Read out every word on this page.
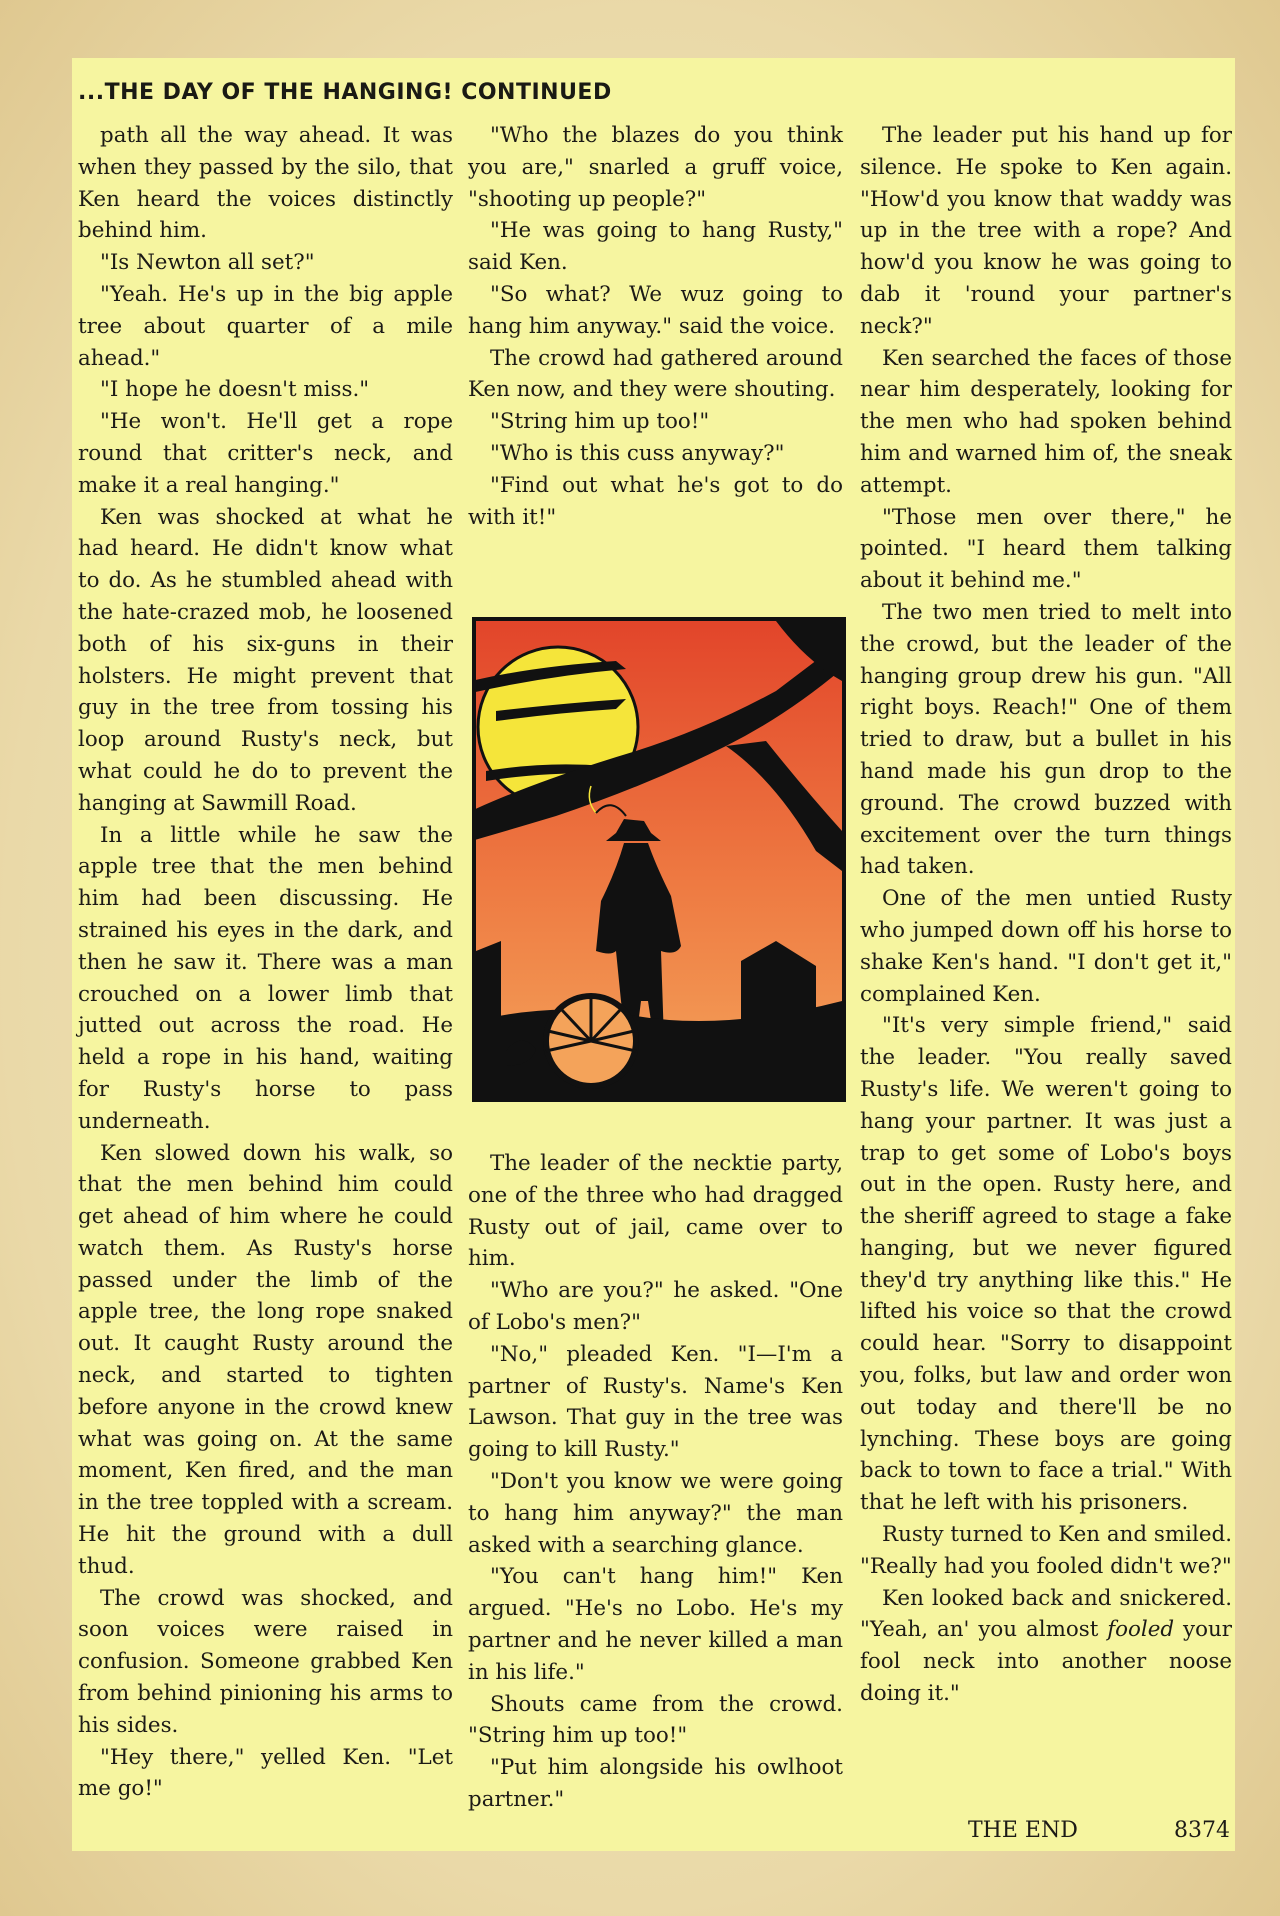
...THE DAY OF THE HANGING! CONTINUED

path all the way ahead. It was when they passed by the silo, that Ken heard the voices distinctly behind him.

"Is Newton all set?"

"Yeah. He's up in the big apple tree about quarter of a mile ahead."

"I hope he doesn't miss."

"He won't. He'll get a rope round that critter's neck, and make it a real hanging."

Ken was shocked at what he had heard. He didn't know what to do. As he stumbled ahead with the hate-crazed mob, he loosened both of his six-guns in their holsters. He might prevent that guy in the tree from tossing his loop around Rusty's neck, but what could he do to prevent the hanging at Sawmill Road.

In a little while he saw the apple tree that the men behind him had been discussing. He strained his eyes in the dark, and then he saw it. There was a man crouched on a lower limb that jutted out across the road. He held a rope in his hand, waiting for Rusty's horse to pass underneath.

Ken slowed down his walk, so that the men behind him could get ahead of him where he could watch them. As Rusty's horse passed under the limb of the apple tree, the long rope snaked out. It caught Rusty around the neck, and started to tighten before anyone in the crowd knew what was going on. At the same moment, Ken fired, and the man in the tree toppled with a scream. He hit the ground with a dull thud.

The crowd was shocked, and soon voices were raised in confusion. Someone grabbed Ken from behind pinioning his arms to his sides.

"Hey there," yelled Ken. "Let me go!"

"Who the blazes do you think you are," snarled a gruff voice, "shooting up people?"

"He was going to hang Rusty," said Ken.

"So what? We wuz going to hang him anyway." said the voice.

The crowd had gathered around Ken now, and they were shouting.

"String him up too!"

"Who is this cuss anyway?"

"Find out what he's got to do with it!"

The leader of the necktie party, one of the three who had dragged Rusty out of jail, came over to him.

"Who are you?" he asked. "One of Lobo's men?"

"No," pleaded Ken. "I—I'm a partner of Rusty's. Name's Ken Lawson. That guy in the tree was going to kill Rusty."

"Don't you know we were going to hang him anyway?" the man asked with a searching glance.

"You can't hang him!" Ken argued. "He's no Lobo. He's my partner and he never killed a man in his life."

Shouts came from the crowd. "String him up too!"

"Put him alongside his owlhoot partner."

The leader put his hand up for silence. He spoke to Ken again. "How'd you know that waddy was up in the tree with a rope? And how'd you know he was going to dab it 'round your partner's neck?"

Ken searched the faces of those near him desperately, looking for the men who had spoken behind him and warned him of, the sneak attempt.

"Those men over there," he pointed. "I heard them talking about it behind me."

The two men tried to melt into the crowd, but the leader of the hanging group drew his gun. "All right boys. Reach!" One of them tried to draw, but a bullet in his hand made his gun drop to the ground. The crowd buzzed with excitement over the turn things had taken.

One of the men untied Rusty who jumped down off his horse to shake Ken's hand. "I don't get it," complained Ken.

"It's very simple friend," said the leader. "You really saved Rusty's life. We weren't going to hang your partner. It was just a trap to get some of Lobo's boys out in the open. Rusty here, and the sheriff agreed to stage a fake hanging, but we never figured they'd try anything like this." He lifted his voice so that the crowd could hear. "Sorry to disappoint you, folks, but law and order won out today and there'll be no lynching. These boys are going back to town to face a trial." With that he left with his prisoners.

Rusty turned to Ken and smiled. "Really had you fooled didn't we?"

Ken looked back and snickered. "Yeah, an' you almost fooled your fool neck into another noose doing it."

THE END	8374
